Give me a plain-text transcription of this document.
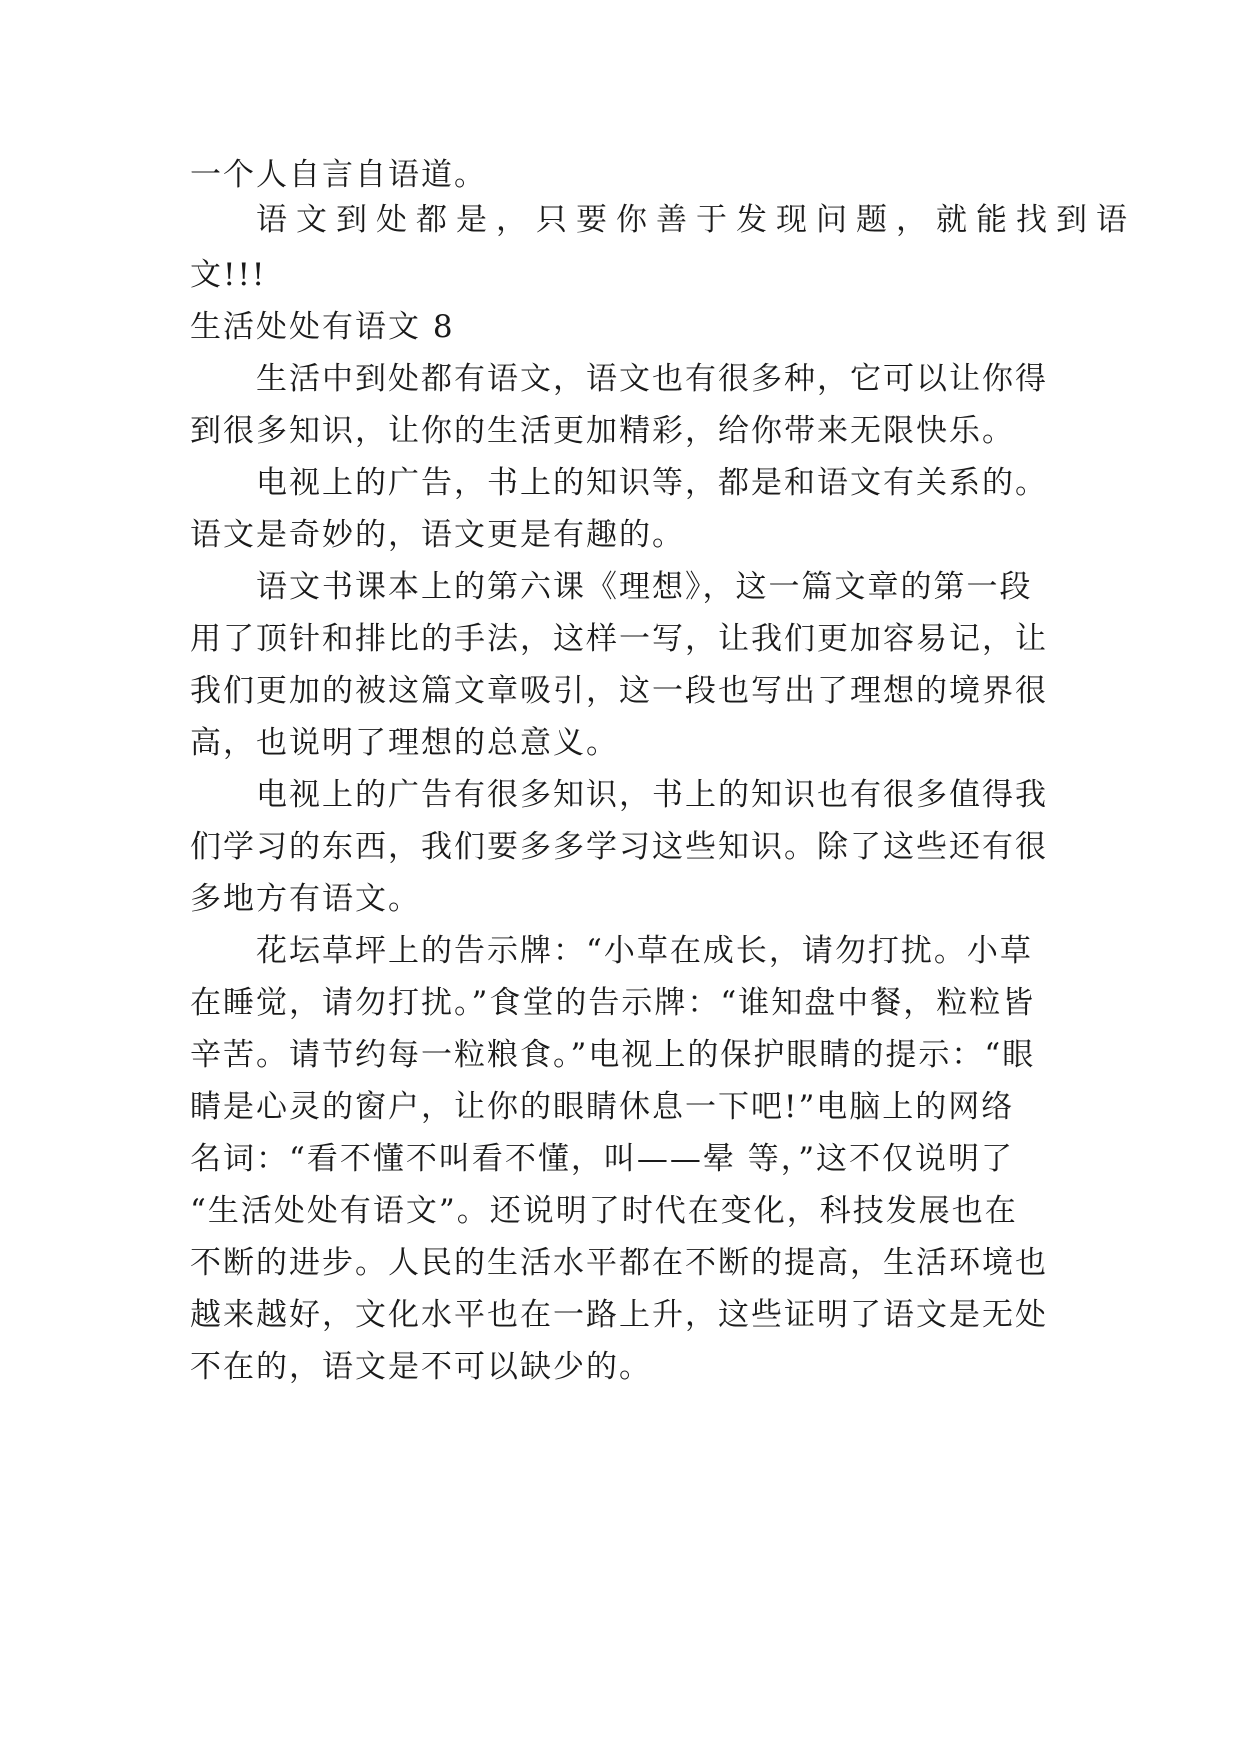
一个人自言自语道。
语文到处都是，只要你善于发现问题，就能找到语
文!!!
生活处处有语文 8
生活中到处都有语文，语文也有很多种，它可以让你得
到很多知识，让你的生活更加精彩，给你带来无限快乐。
电视上的广告，书上的知识等，都是和语文有关系的。
语文是奇妙的，语文更是有趣的。
语文书课本上的第六课《理想》，这一篇文章的第一段
用了顶针和排比的手法，这样一写，让我们更加容易记，让
我们更加的被这篇文章吸引，这一段也写出了理想的境界很
高，也说明了理想的总意义。
电视上的广告有很多知识，书上的知识也有很多值得我
们学习的东西，我们要多多学习这些知识。除了这些还有很
多地方有语文。
花坛草坪上的告示牌：“小草在成长，请勿打扰。小草
在睡觉，请勿打扰。”食堂的告示牌：“谁知盘中餐，粒粒皆
辛苦。请节约每一粒粮食。”电视上的保护眼睛的提示：“眼
睛是心灵的窗户，让你的眼睛休息一下吧!”电脑上的网络
名词：“看不懂不叫看不懂，叫——晕 等，”这不仅说明了
“生活处处有语文”。还说明了时代在变化，科技发展也在
不断的进步。人民的生活水平都在不断的提高，生活环境也
越来越好，文化水平也在一路上升，这些证明了语文是无处
不在的，语文是不可以缺少的。
